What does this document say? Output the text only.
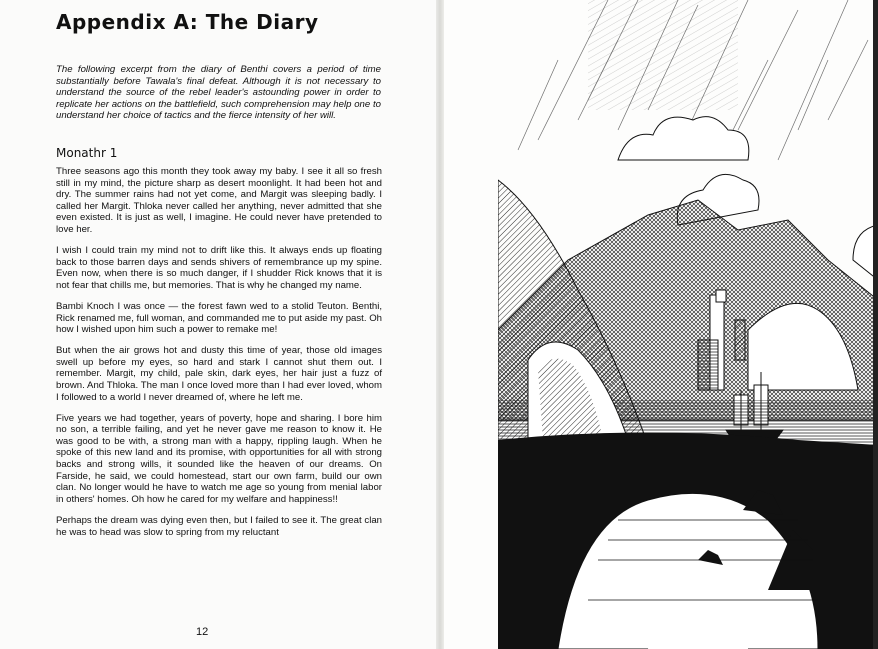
Appendix A: The Diary
The following excerpt from the diary of Benthi covers a period of time substantially before Tawala's final defeat. Although it is not necessary to understand the source of the rebel leader's astounding power in order to replicate her actions on the battlefield, such comprehension may help one to understand her choice of tactics and the fierce intensity of her will.
Monathr 1

Three seasons ago this month they took away my baby. I see it all so fresh still in my mind, the picture sharp as desert moonlight. It had been hot and dry. The summer rains had not yet come, and Margit was sleeping badly. I called her Margit. Thloka never called her anything, never admitted that she even existed. It is just as well, I imagine. He could never have pretended to love her.

I wish I could train my mind not to drift like this. It always ends up floating back to those barren days and sends shivers of remembrance up my spine. Even now, when there is so much danger, if I shudder Rick knows that it is not fear that chills me, but memories. That is why he changed my name.

Bambi Knoch I was once — the forest fawn wed to a stolid Teuton. Benthi, Rick renamed me, full woman, and commanded me to put aside my past. Oh how I wished upon him such a power to remake me!

But when the air grows hot and dusty this time of year, those old images swell up before my eyes, so hard and stark I cannot shut them out. I remember. Margit, my child, pale skin, dark eyes, her hair just a fuzz of brown. And Thloka. The man I once loved more than I had ever loved, whom I followed to a world I never dreamed of, where he left me.

Five years we had together, years of poverty, hope and sharing. I bore him no son, a terrible failing, and yet he never gave me reason to know it. He was good to be with, a strong man with a happy, rippling laugh. When he spoke of this new land and its promise, with opportunities for all with strong backs and strong wills, it sounded like the heaven of our dreams. On Farside, he said, we could homestead, start our own farm, build our own clan. No longer would he have to watch me age so young from menial labor in others' homes. Oh how he cared for my welfare and happiness!!

Perhaps the dream was dying even then, but I failed to see it. The great clan he was to head was slow to spring from my reluctant

12
